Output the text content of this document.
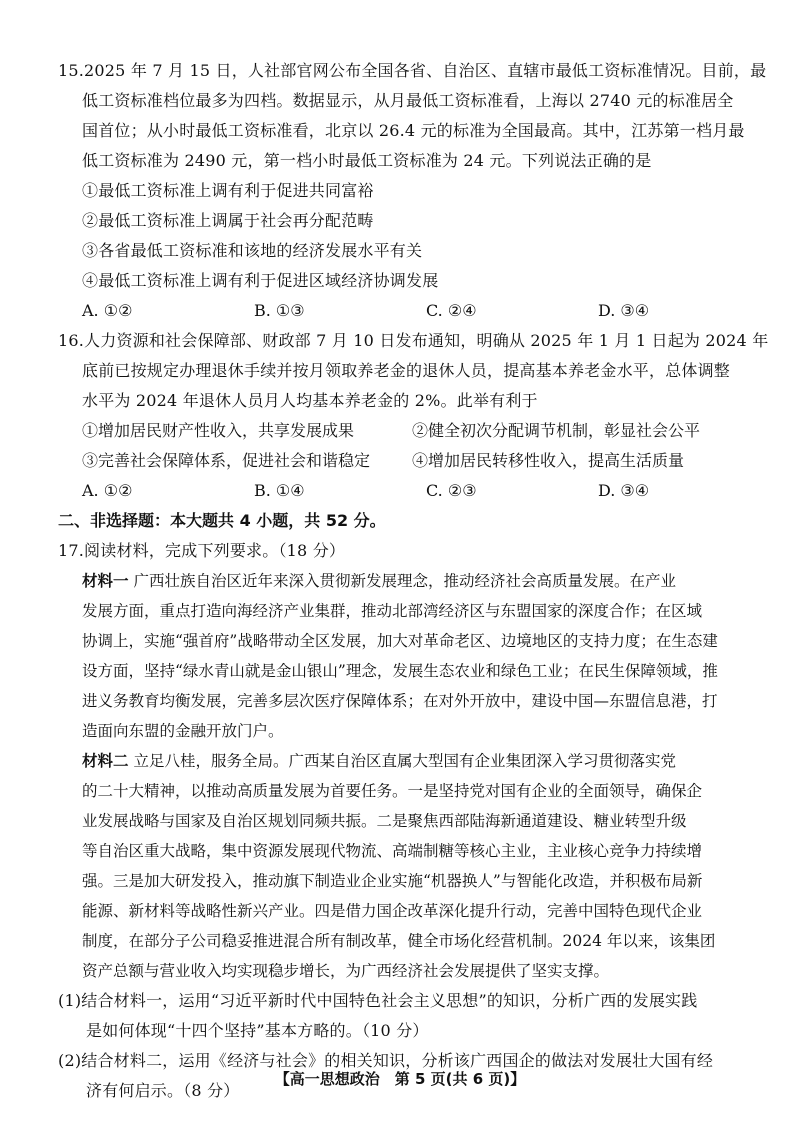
15.2025 年 7 月 15 日，人社部官网公布全国各省、自治区、直辖市最低工资标准情况。目前，最
低工资标准档位最多为四档。数据显示，从月最低工资标准看，上海以 2740 元的标准居全
国首位；从小时最低工资标准看，北京以 26.4 元的标准为全国最高。其中，江苏第一档月最
低工资标准为 2490 元，第一档小时最低工资标准为 24 元。下列说法正确的是
①最低工资标准上调有利于促进共同富裕
②最低工资标准上调属于社会再分配范畴
③各省最低工资标准和该地的经济发展水平有关
④最低工资标准上调有利于促进区域经济协调发展
A. ①②	B. ①③	C. ②④	D. ③④
16.人力资源和社会保障部、财政部 7 月 10 日发布通知，明确从 2025 年 1 月 1 日起为 2024 年
底前已按规定办理退休手续并按月领取养老金的退休人员，提高基本养老金水平，总体调整
水平为 2024 年退休人员月人均基本养老金的 2%。此举有利于
①增加居民财产性收入，共享发展成果	②健全初次分配调节机制，彰显社会公平
③完善社会保障体系，促进社会和谐稳定	④增加居民转移性收入，提高生活质量
A. ①②	B. ①④	C. ②③	D. ③④
二、非选择题：本大题共 4 小题，共 52 分。
17.阅读材料，完成下列要求。（18 分）
材料一 广西壮族自治区近年来深入贯彻新发展理念，推动经济社会高质量发展。在产业
发展方面，重点打造向海经济产业集群，推动北部湾经济区与东盟国家的深度合作；在区域
协调上，实施“强首府”战略带动全区发展，加大对革命老区、边境地区的支持力度；在生态建
设方面，坚持“绿水青山就是金山银山”理念，发展生态农业和绿色工业；在民生保障领域，推
进义务教育均衡发展，完善多层次医疗保障体系；在对外开放中，建设中国—东盟信息港，打
造面向东盟的金融开放门户。
材料二 立足八桂，服务全局。广西某自治区直属大型国有企业集团深入学习贯彻落实党
的二十大精神，以推动高质量发展为首要任务。一是坚持党对国有企业的全面领导，确保企
业发展战略与国家及自治区规划同频共振。二是聚焦西部陆海新通道建设、糖业转型升级
等自治区重大战略，集中资源发展现代物流、高端制糖等核心主业，主业核心竞争力持续增
强。三是加大研发投入，推动旗下制造业企业实施“机器换人”与智能化改造，并积极布局新
能源、新材料等战略性新兴产业。四是借力国企改革深化提升行动，完善中国特色现代企业
制度，在部分子公司稳妥推进混合所有制改革，健全市场化经营机制。2024 年以来，该集团
资产总额与营业收入均实现稳步增长，为广西经济社会发展提供了坚实支撑。
(1)结合材料一，运用“习近平新时代中国特色社会主义思想”的知识，分析广西的发展实践
是如何体现“十四个坚持”基本方略的。（10 分）
(2)结合材料二，运用《经济与社会》的相关知识，分析该广西国企的做法对发展壮大国有经
济有何启示。（8 分）
【高一思想政治　第 5 页(共 6 页)】
